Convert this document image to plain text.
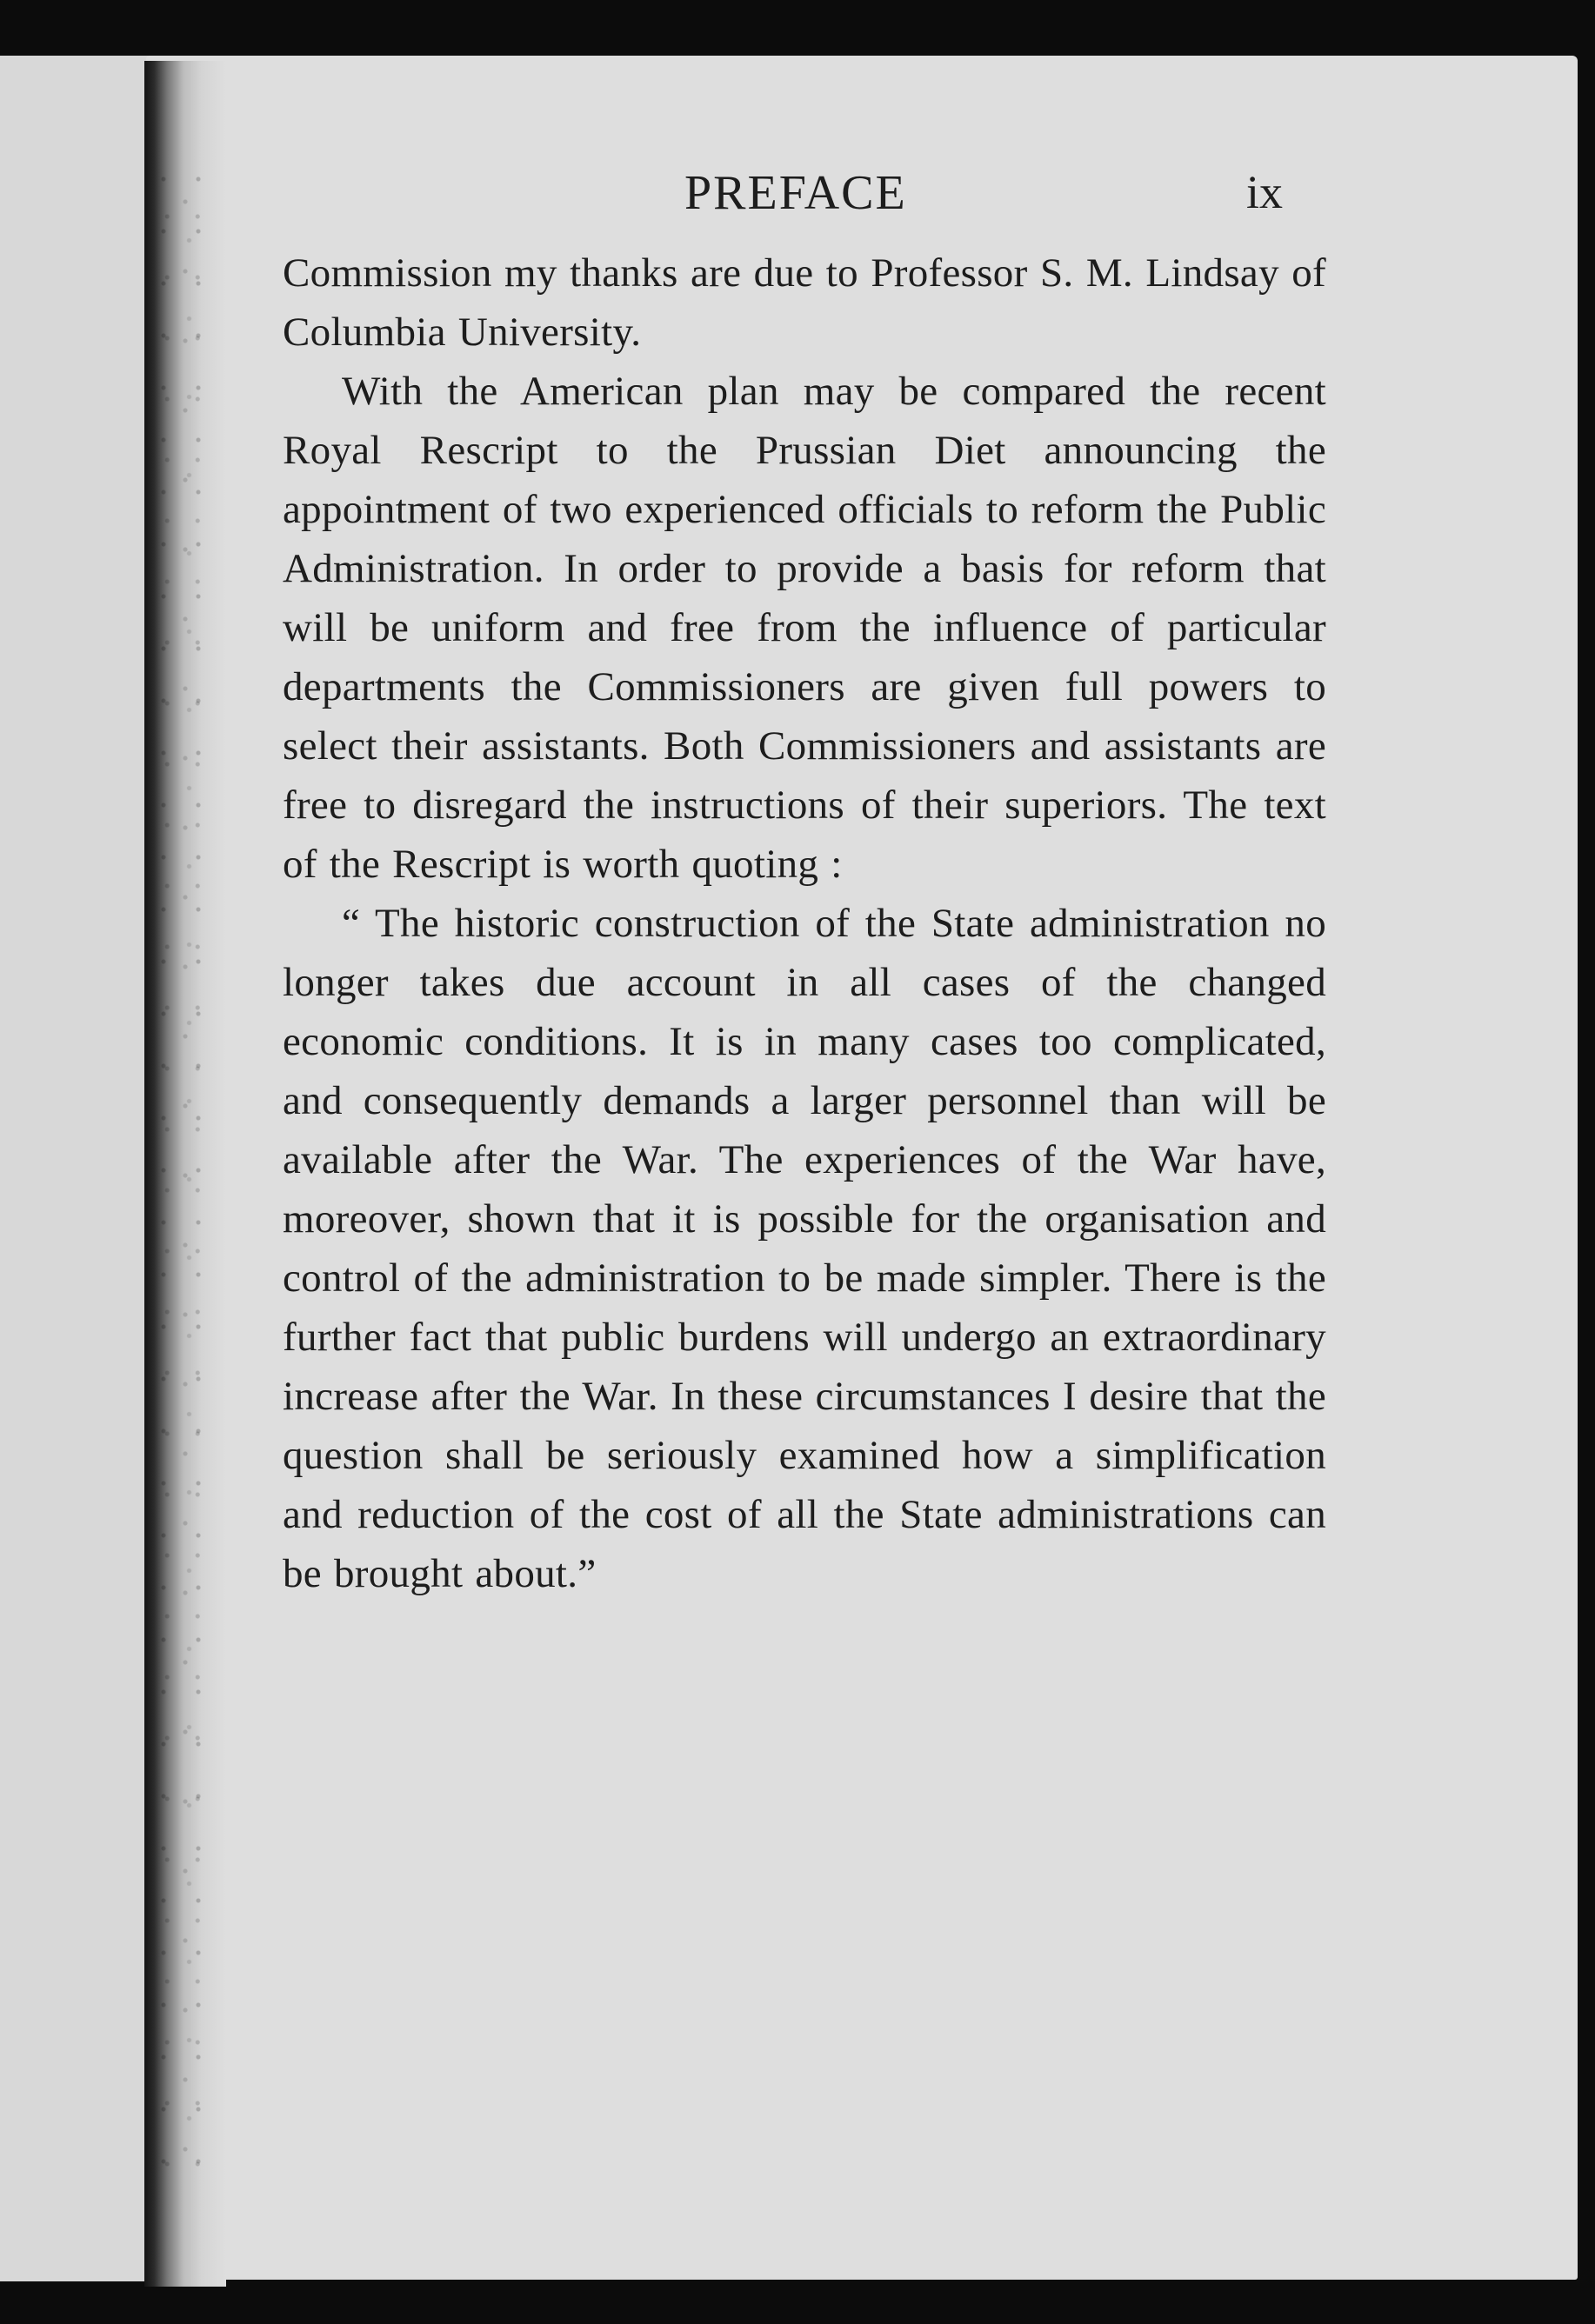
PREFACE	ix

Commission my thanks are due to Professor S. M. Lindsay of Columbia University.

With the American plan may be compared the recent Royal Rescript to the Prussian Diet announcing the appointment of two experienced officials to reform the Public Administration. In order to provide a basis for reform that will be uniform and free from the influence of particular departments the Commissioners are given full powers to select their assistants. Both Commissioners and assistants are free to disregard the instructions of their superiors. The text of the Rescript is worth quoting :

“ The historic construction of the State administration no longer takes due account in all cases of the changed economic conditions. It is in many cases too complicated, and consequently demands a larger personnel than will be available after the War. The experiences of the War have, moreover, shown that it is possible for the organisation and control of the administration to be made simpler. There is the further fact that public burdens will undergo an extraordinary increase after the War. In these circumstances I desire that the question shall be seriously examined how a simplification and reduction of the cost of all the State administrations can be brought about.”
